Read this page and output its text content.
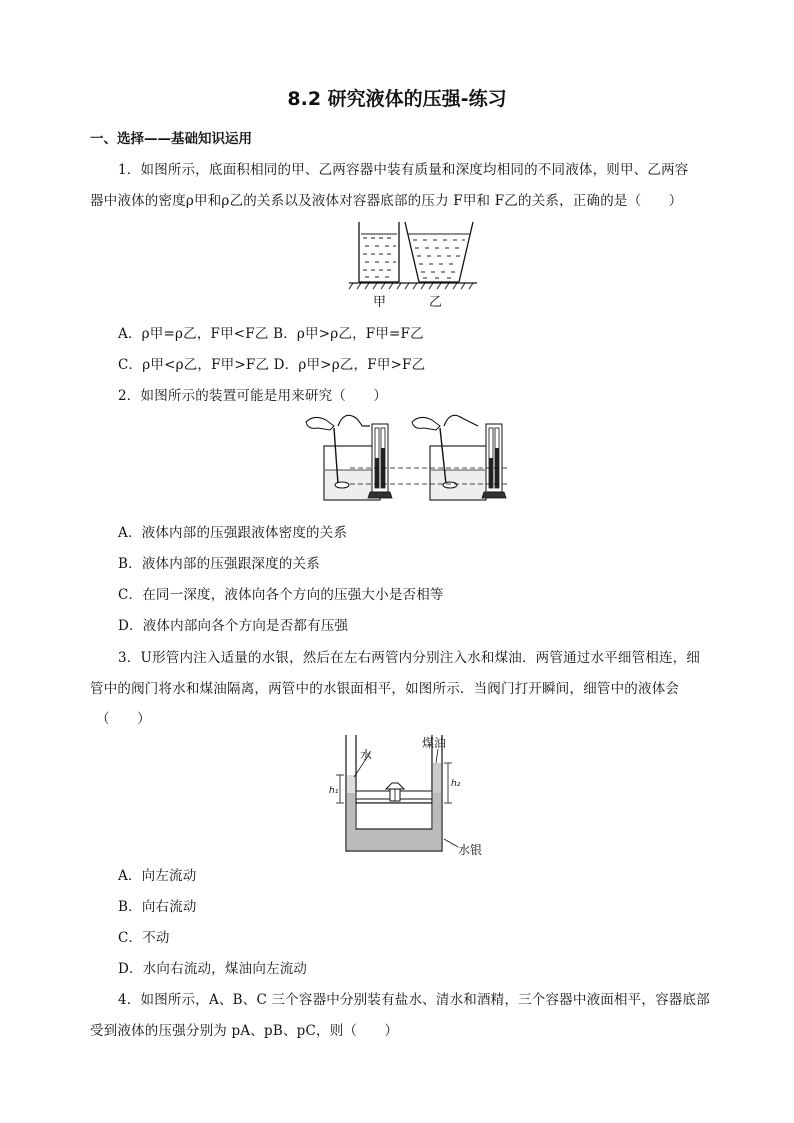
8.2 研究液体的压强-练习
一、选择——基础知识运用
1．如图所示，底面积相同的甲、乙两容器中装有质量和深度均相同的不同液体，则甲、乙两容
器中液体的密度ρ甲和ρ乙的关系以及液体对容器底部的压力 F甲和 F乙的关系，正确的是（　　）
甲	乙
A．ρ甲=ρ乙，F甲<F乙 B．ρ甲>ρ乙，F甲=F乙
C．ρ甲<ρ乙，F甲>F乙 D．ρ甲>ρ乙，F甲>F乙
2．如图所示的装置可能是用来研究（　　）
A．液体内部的压强跟液体密度的关系
B．液体内部的压强跟深度的关系
C．在同一深度，液体向各个方向的压强大小是否相等
D．液体内部向各个方向是否都有压强
3．U形管内注入适量的水银，然后在左右两管内分别注入水和煤油．两管通过水平细管相连，细
管中的阀门将水和煤油隔离，两管中的水银面相平，如图所示．当阀门打开瞬间，细管中的液体会
（　　）
水
煤油
水银
h₁
h₂
A．向左流动
B．向右流动
C．不动
D．水向右流动，煤油向左流动
4．如图所示，A、B、C 三个容器中分别装有盐水、清水和酒精，三个容器中液面相平，容器底部
受到液体的压强分别为 pA、pB、pC，则（　　）
